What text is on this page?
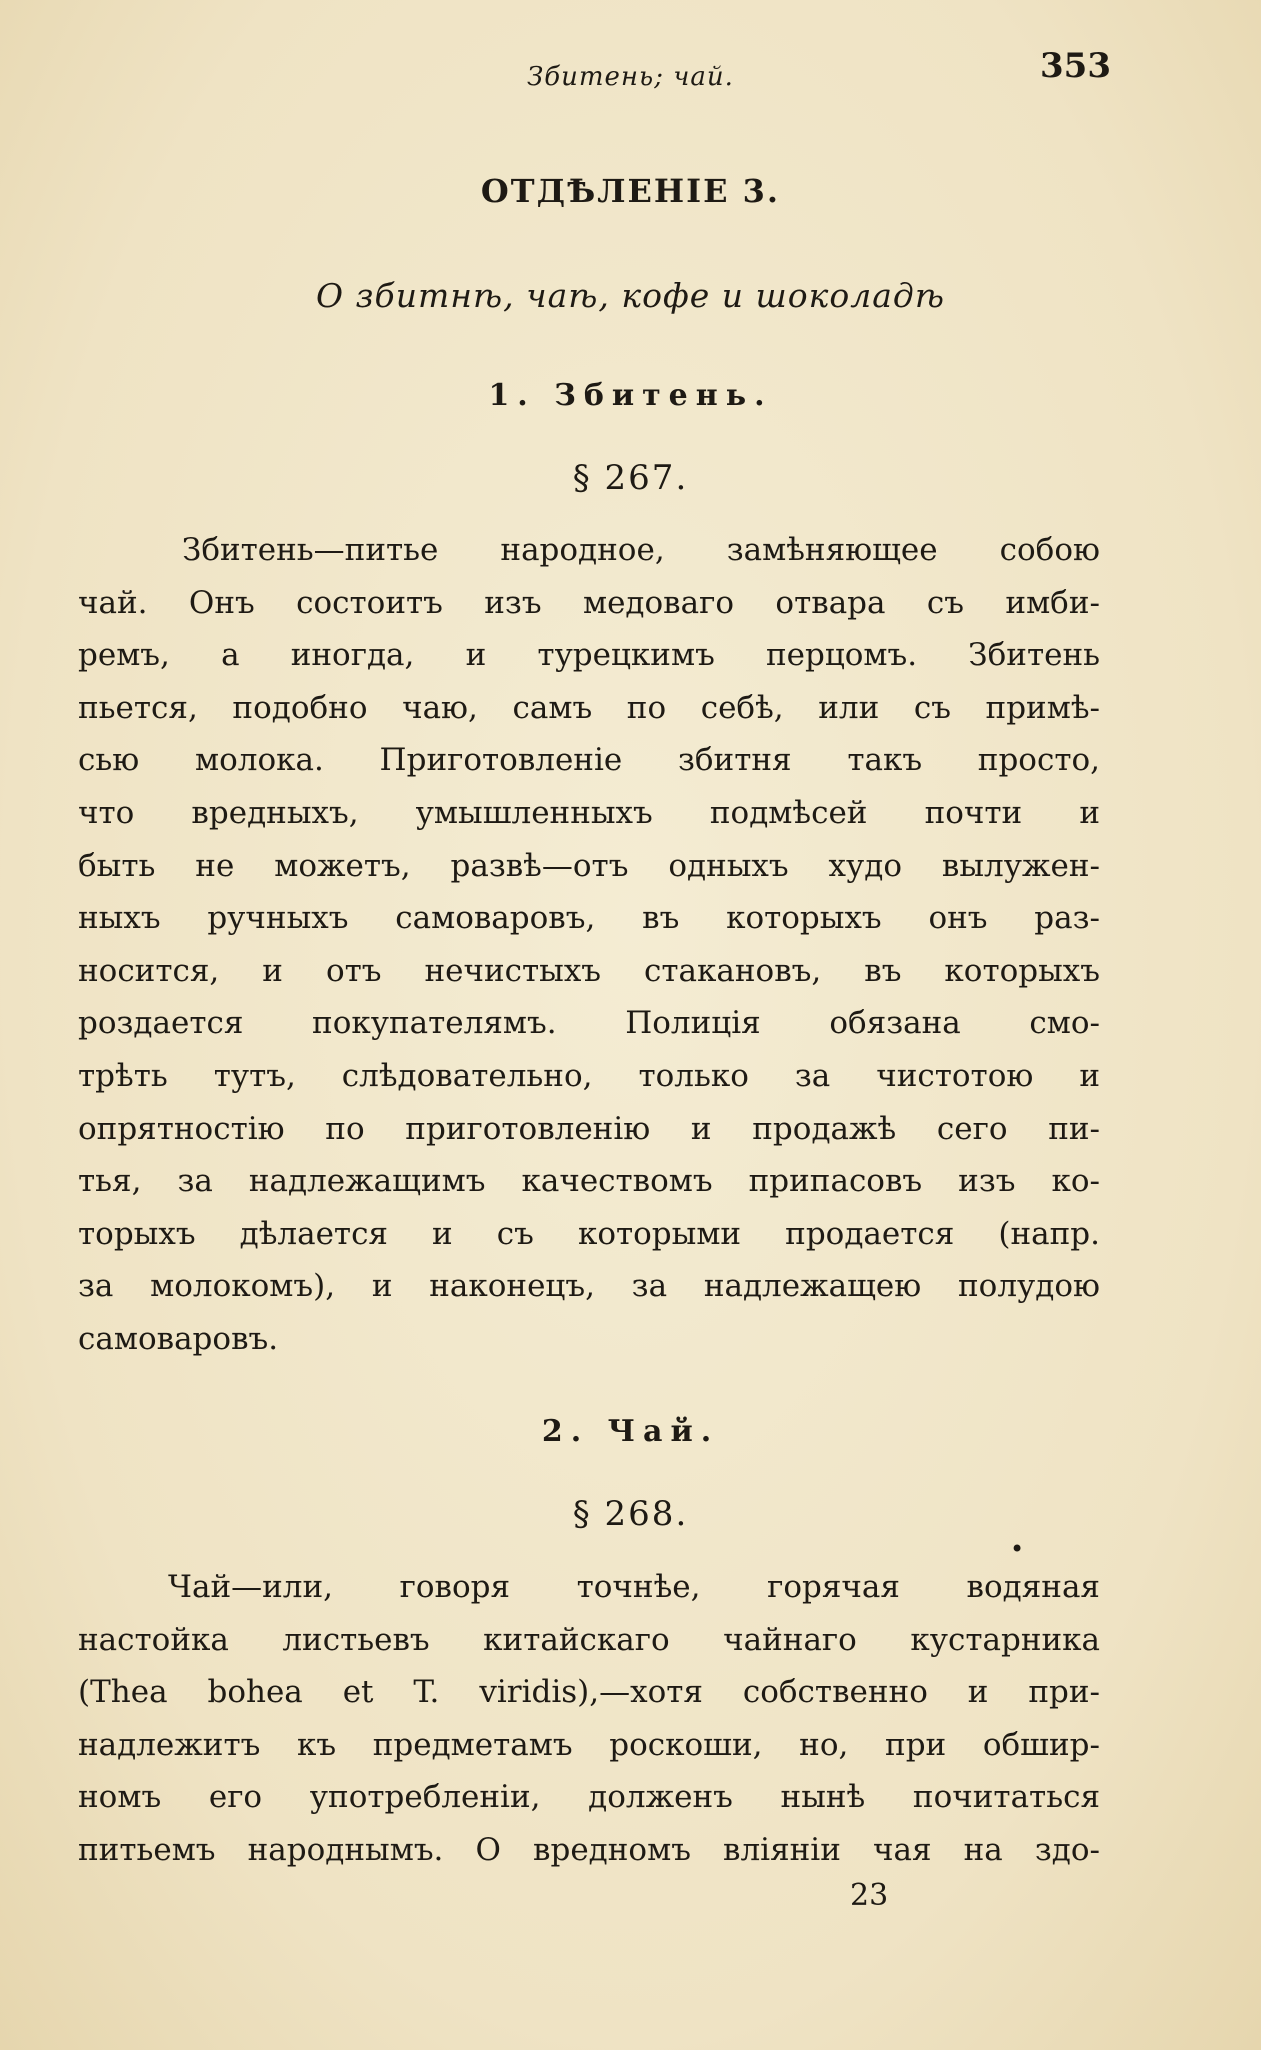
Збитень; чай.	353
ОТДѢЛЕНІЕ 3.
О збитнѣ, чаѣ, кофе и шоколадѣ
1. Збитень.
§ 267.
Збитень—питье народное, замѣняющее собою
чай. Онъ состоитъ изъ медоваго отвара съ имби-
ремъ, а иногда, и турецкимъ перцомъ. Збитень
пьется, подобно чаю, самъ по себѣ, или съ примѣ-
сью молока. Приготовленіе збитня такъ просто,
что вредныхъ, умышленныхъ подмѣсей почти и
быть не можетъ, развѣ—отъ одныхъ худо вылужен-
ныхъ ручныхъ самоваровъ, въ которыхъ онъ раз-
носится, и отъ нечистыхъ стакановъ, въ которыхъ
роздается покупателямъ. Полиція обязана смо-
трѣть тутъ, слѣдовательно, только за чистотою и
опрятностію по приготовленію и продажѣ сего пи-
тья, за надлежащимъ качествомъ припасовъ изъ ко-
торыхъ дѣлается и съ которыми продается (напр.
за молокомъ), и наконецъ, за надлежащею полудою
самоваровъ.
2. Чай.
§ 268.
•
Чай—или, говоря точнѣе, горячая водяная
настойка листьевъ китайскаго чайнаго кустарника
(Thea bohea et T. viridis),—хотя собственно и при-
надлежитъ къ предметамъ роскоши, но, при обшир-
номъ его употребленіи, долженъ нынѣ почитаться
питьемъ народнымъ. О вредномъ вліяніи чая на здо-
23
